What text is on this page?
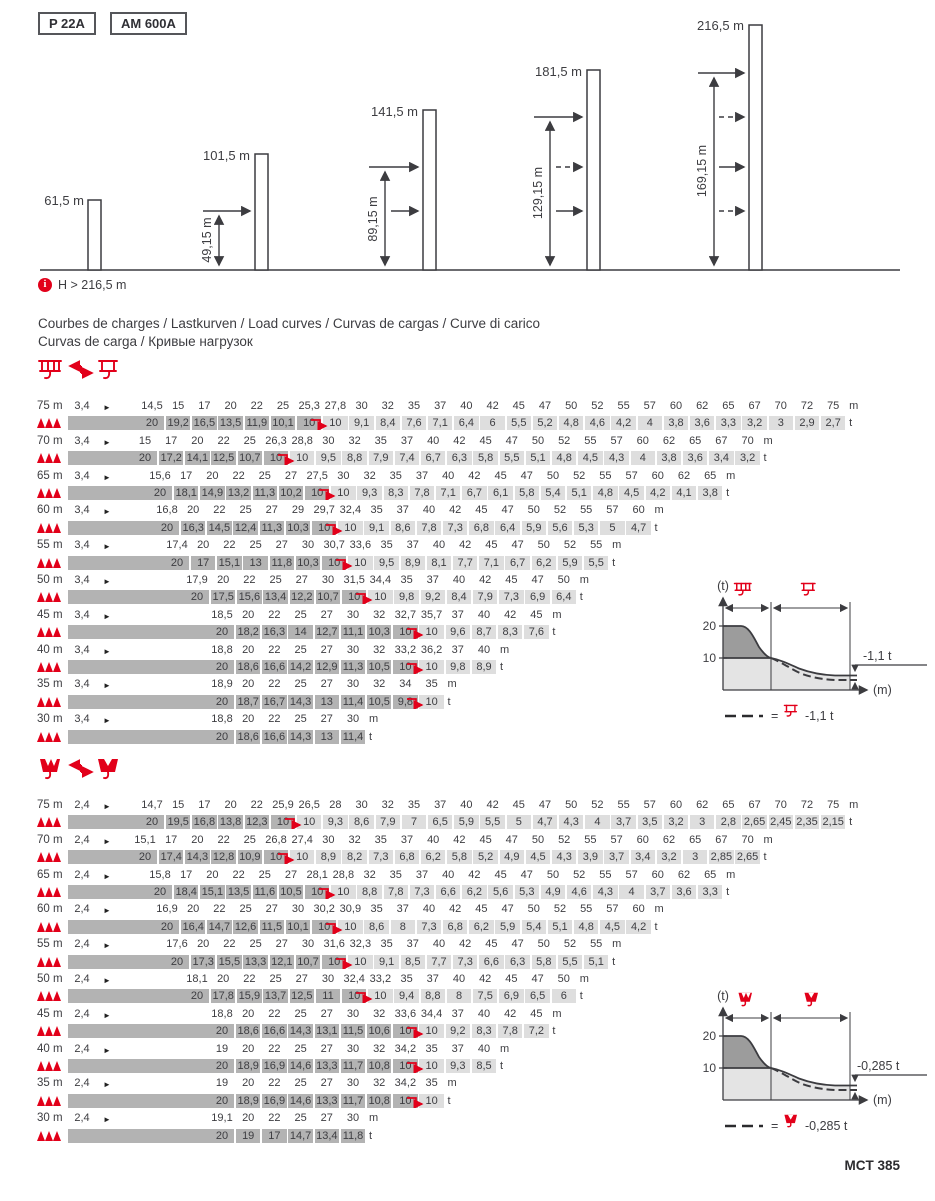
P 22A	AM 600A
61,5 m
101,5 m
141,5 m
181,5 m
216,5 m
49,15 m	89,15 m	129,15 m	169,15 m
i H > 216,5 m
Courbes de charges / Lastkurven / Load curves / Curvas de cargas / Curve di carico
Curvas de carga / Кривые нагрузок
75 m	3,4	►	14,5 15	17	20	22	25 25,3 27,8 30	32	35	37	40	42	45	47	50	52	55	57	60	62	65	67	70	72	75 m
20 19,2 16,5 13,5 11,9 10,1 10	10	9,1 8,4 7,6 7,1 6,4	6	5,5 5,2 4,8 4,6 4,2	4	3,8 3,6 3,3 3,2	3	2,9 2,7 t
70 m	3,4	►	15	17	20	22	25 26,3 28,8 30	32	35	37	40	42	45	47	50	52	55	57	60	62	65	67	70 m
20 17,2 14,1 12,5 10,7 10	10	9,5 8,8 7,9 7,4 6,7 6,3 5,8 5,5 5,1 4,8 4,5 4,3	4	3,8 3,6 3,4 3,2 t
65 m	3,4	►	15,6 17	20	22	25	27 27,5 30	32	35	37	40	42	45	47	50	52	55	57	60	62	65 m
20 18,1 14,9 13,2 11,3 10,2 10	10	9,3 8,3 7,8 7,1 6,7 6,1 5,8 5,4 5,1 4,8 4,5 4,2 4,1 3,8 t
60 m	3,4	►	16,8 20	22	25	27	29 29,7 32,4 35	37	40	42	45	47	50	52	55	57	60 m
20 16,3 14,5 12,4 11,3 10,3 10	10	9,1 8,6 7,8 7,3 6,8 6,4 5,9 5,6 5,3	5	4,7 t
55 m	3,4	►	17,4 20	22	25	27	30 30,7 33,6 35	37	40	42	45	47	50	52	55 m
20	17 15,1 13 11,8 10,3 10	10	9,5 8,9 8,1 7,7 7,1 6,7 6,2 5,9 5,5 t
50 m	3,4	►	17,9 20	22	25	27	30 31,5 34,4 35	37	40	42	45	47	50 m
20 17,5 15,6 13,4 12,2 10,7 10	10	9,8 9,2 8,4 7,9 7,3 6,9 6,4 t
45 m	3,4	►	18,5 20	22	25	27	30	32 32,7 35,7 37	40	42	45 m
20 18,2 16,3 14 12,7 11,1 10,3 10	10	9,6 8,7 8,3 7,6 t
40 m	3,4	►	18,8 20	22	25	27	30	32 33,2 36,2 37	40 m
20 18,6 16,6 14,2 12,9 11,3 10,5 10	10	9,8 8,9 t
35 m	3,4	►	18,9 20	22	25	27	30	32	34	35 m
20 18,7 16,7 14,3 13 11,4 10,5 9,8	10 t
30 m	3,4	►	18,8 20	22	25	27	30 m
20 18,6 16,6 14,3 13 11,4 t
75 m	2,4	►	14,7 15	17	20	22 25,9 26,5 28	30	32	35	37	40	42	45	47	50	52	55	57	60	62	65	67	70	72	75 m
20 19,5 16,8 13,8 12,3 10	10	9,3 8,6 7,9	7	6,5 5,9 5,5	5	4,7 4,3	4	3,7 3,5 3,2	3	2,8 2,65 2,45 2,35 2,15 t
70 m	2,4	► 15,1 17	20	22	25 26,8 27,4 30	32	35	37	40	42	45	47	50	52	55	57	60	62	65	67	70 m
20 17,4 14,3 12,8 10,9 10	10	8,9 8,2 7,3 6,8 6,2 5,8 5,2 4,9 4,5 4,3 3,9 3,7 3,4 3,2	3	2,85 2,65 t
65 m	2,4	►	15,8 17	20	22	25	27 28,1 28,8 32	35	37	40	42	45	47	50	52	55	57	60	62	65 m
20 18,4 15,1 13,5 11,6 10,5 10	10	8,8 7,8 7,3 6,6 6,2 5,6 5,3 4,9 4,6 4,3	4	3,7 3,6 3,3 t
60 m	2,4	►	16,9 20	22	25	27	30 30,2 30,9 35	37	40	42	45	47	50	52	55	57	60 m
20 16,4 14,7 12,6 11,5 10,1 10	10	8,6	8	7,3 6,8 6,2 5,9 5,4 5,1 4,8 4,5 4,2 t
55 m	2,4	►	17,6 20	22	25	27	30 31,6 32,3 35	37	40	42	45	47	50	52	55 m
20 17,3 15,5 13,3 12,1 10,7 10	10	9,1 8,5 7,7 7,3 6,6 6,3 5,8 5,5 5,1 t
50 m	2,4	►	18,1 20	22	25	27	30 32,4 33,2 35	37	40	42	45	47	50 m
20 17,8 15,9 13,7 12,5 11	10	10	9,4 8,8	8	7,5 6,9 6,5	6	t
45 m	2,4	►	18,8 20	22	25	27	30	32 33,6 34,4 37	40	42	45 m
20 18,6 16,6 14,3 13,1 11,5 10,6 10	10	9,2 8,3 7,8 7,2 t
40 m	2,4	►	19	20	22	25	27	30	32 34,2 35	37	40 m
20 18,9 16,9 14,6 13,3 11,7 10,8 10	10	9,3 8,5 t
35 m	2,4	►	19	20	22	25	27	30	32 34,2 35 m
20 18,9 16,9 14,6 13,3 11,7 10,8 10	10 t
30 m	2,4	►	19,1 20	22	25	27	30 m
20	19	17 14,7 13,4 11,8 t
(t)
(m)
20
10	-1,1 t
= -1,1 t
(t)
(m)
20
10	-0,285 t
= -0,285 t
MCT 385
